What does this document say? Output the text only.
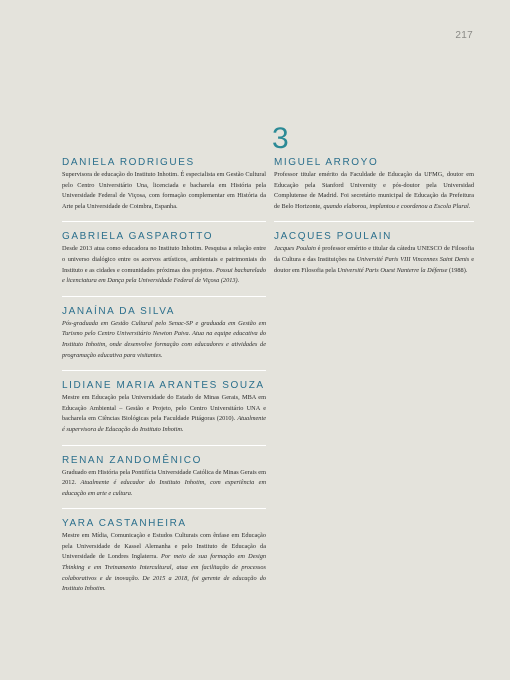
217
3
DANIELA RODRIGUES

Supervisora de educação do Instituto Inhotim. É especialista em Gestão Cultural pelo Centro Universitário Una, licenciada e bacharela em História pela Universidade Federal de Viçosa, com formação complementar em História da Arte pela Universidade de Coimbra, Espanha.

GABRIELA GASPAROTTO

Desde 2013 atua como educadora no Instituto Inhotim. Pesquisa a relação entre o universo dialógico entre os acervos artísticos, ambientais e patrimoniais do Instituto e as cidades e comunidades próximas dos projetos. Possui bacharelado e licenciatura em Dança pela Universidade Federal de Viçosa (2013).

JANAÍNA DA SILVA

Pós-graduada em Gestão Cultural pelo Senac-SP e graduada em Gestão em Turismo pelo Centro Universitário Newton Paiva. Atua na equipe educativa do Instituto Inhotim, onde desenvolve formação com educadores e atividades de programação educativa para visitantes.

LIDIANE MARIA ARANTES SOUZA

Mestre em Educação pela Universidade do Estado de Minas Gerais, MBA em Educação Ambiental – Gestão e Projeto, pelo Centro Universitário UNA e bacharela em Ciências Biológicas pela Faculdade Pitágoras (2010). Atualmente é supervisora de Educação do Instituto Inhotim.

RENAN ZANDOMÊNICO

Graduado em História pela Pontifícia Universidade Católica de Minas Gerais em 2012. Atualmente é educador do Instituto Inhotim, com experiência em educação em arte e cultura.

YARA CASTANHEIRA

Mestre em Mídia, Comunicação e Estudos Culturais com ênfase em Educação pela Universidade de Kassel Alemanha e pelo Instituto de Educação da Universidade de Londres Inglaterra. Por meio de sua formação em Design Thinking e em Treinamento Intercultural, atua em facilitação de processos colaborativos e de inovação. De 2015 a 2018, foi gerente de educação do Instituto Inhotim.

MIGUEL ARROYO

Professor titular emérito da Faculdade de Educação da UFMG, doutor em Educação pela Stanford University e pós-doutor pela Universidad Complutense de Madrid. Foi secretário municipal de Educação da Prefeitura de Belo Horizonte, quando elaborou, implantou e coordenou a Escola Plural.

JACQUES POULAIN

Jacques Poulain é professor emérito e titular da cátedra UNESCO de Filosofia da Cultura e das Instituições na Université Paris VIII Vincennes Saint Denis e doutor em Filosofia pela Université Paris Ouest Nanterre la Défense (1988).
